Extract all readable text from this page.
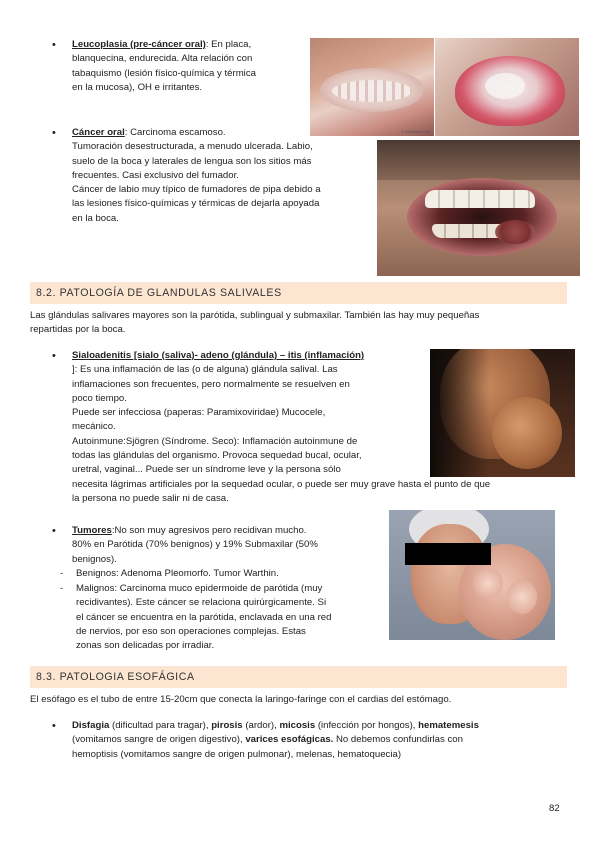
• Leucoplasia (pre-cáncer oral): En placa,
blanquecina, endurecida. Alta relación con
tabaquismo (lesión físico-química y térmica
en la mucosa), OH e irritantes.
© Medicina Oral
• Cáncer oral: Carcinoma escamoso.
Tumoración desestructurada, a menudo ulcerada. Labio,
suelo de la boca y laterales de lengua son los sitios más
frecuentes. Casi exclusivo del fumador.
Cáncer de labio muy típico de fumadores de pipa debido a
las lesiones físico-químicas y térmicas de dejarla apoyada
en la boca.
8.2. PATOLOGÍA DE GLANDULAS SALIVALES
Las glándulas salivares mayores son la parótida, sublingual y submaxilar. También las hay muy pequeñas
repartidas por la boca.
• Sialoadenitis [sialo (saliva)- adeno (glándula) – itis (inflamación)
]: Es una inflamación de las (o de alguna) glándula salival. Las
inflamaciones son frecuentes, pero normalmente se resuelven en
poco tiempo.
Puede ser infecciosa (paperas: Paramixoviridae) Mucocele,
mecánico.
Autoinmune:Sjögren (Síndrome. Seco): Inflamación autoinmune de
todas las glándulas del organismo. Provoca sequedad bucal, ocular,
uretral, vaginal... Puede ser un síndrome leve y la persona sólo
necesita lágrimas artificiales por la sequedad ocular, o puede ser muy grave hasta el punto de que
la persona no puede salir ni de casa.
• Tumores:No son muy agresivos pero recidivan mucho.
80% en Parótida (70% benignos) y 19% Submaxilar (50%
benignos).
- Benignos: Adenoma Pleomorfo. Tumor Warthin.
- Malignos: Carcinoma muco epidermoide de parótida (muy
recidivantes). Este cáncer se relaciona quirúrgicamente. Si
el cáncer se encuentra en la parótida, enclavada en una red
de nervios, por eso son operaciones complejas. Estas
zonas son delicadas por irradiar.
8.3. PATOLOGIA ESOFÁGICA
El esófago es el tubo de entre 15-20cm que conecta la laringo-faringe con el cardias del estómago.
• Disfagia (dificultad para tragar), pirosis (ardor), micosis (infección por hongos), hematemesis
(vomitamos sangre de origen digestivo), varices esofágicas. No debemos confundirlas con
hemoptisis (vomitamos sangre de origen pulmonar), melenas, hematoquecia)
82
